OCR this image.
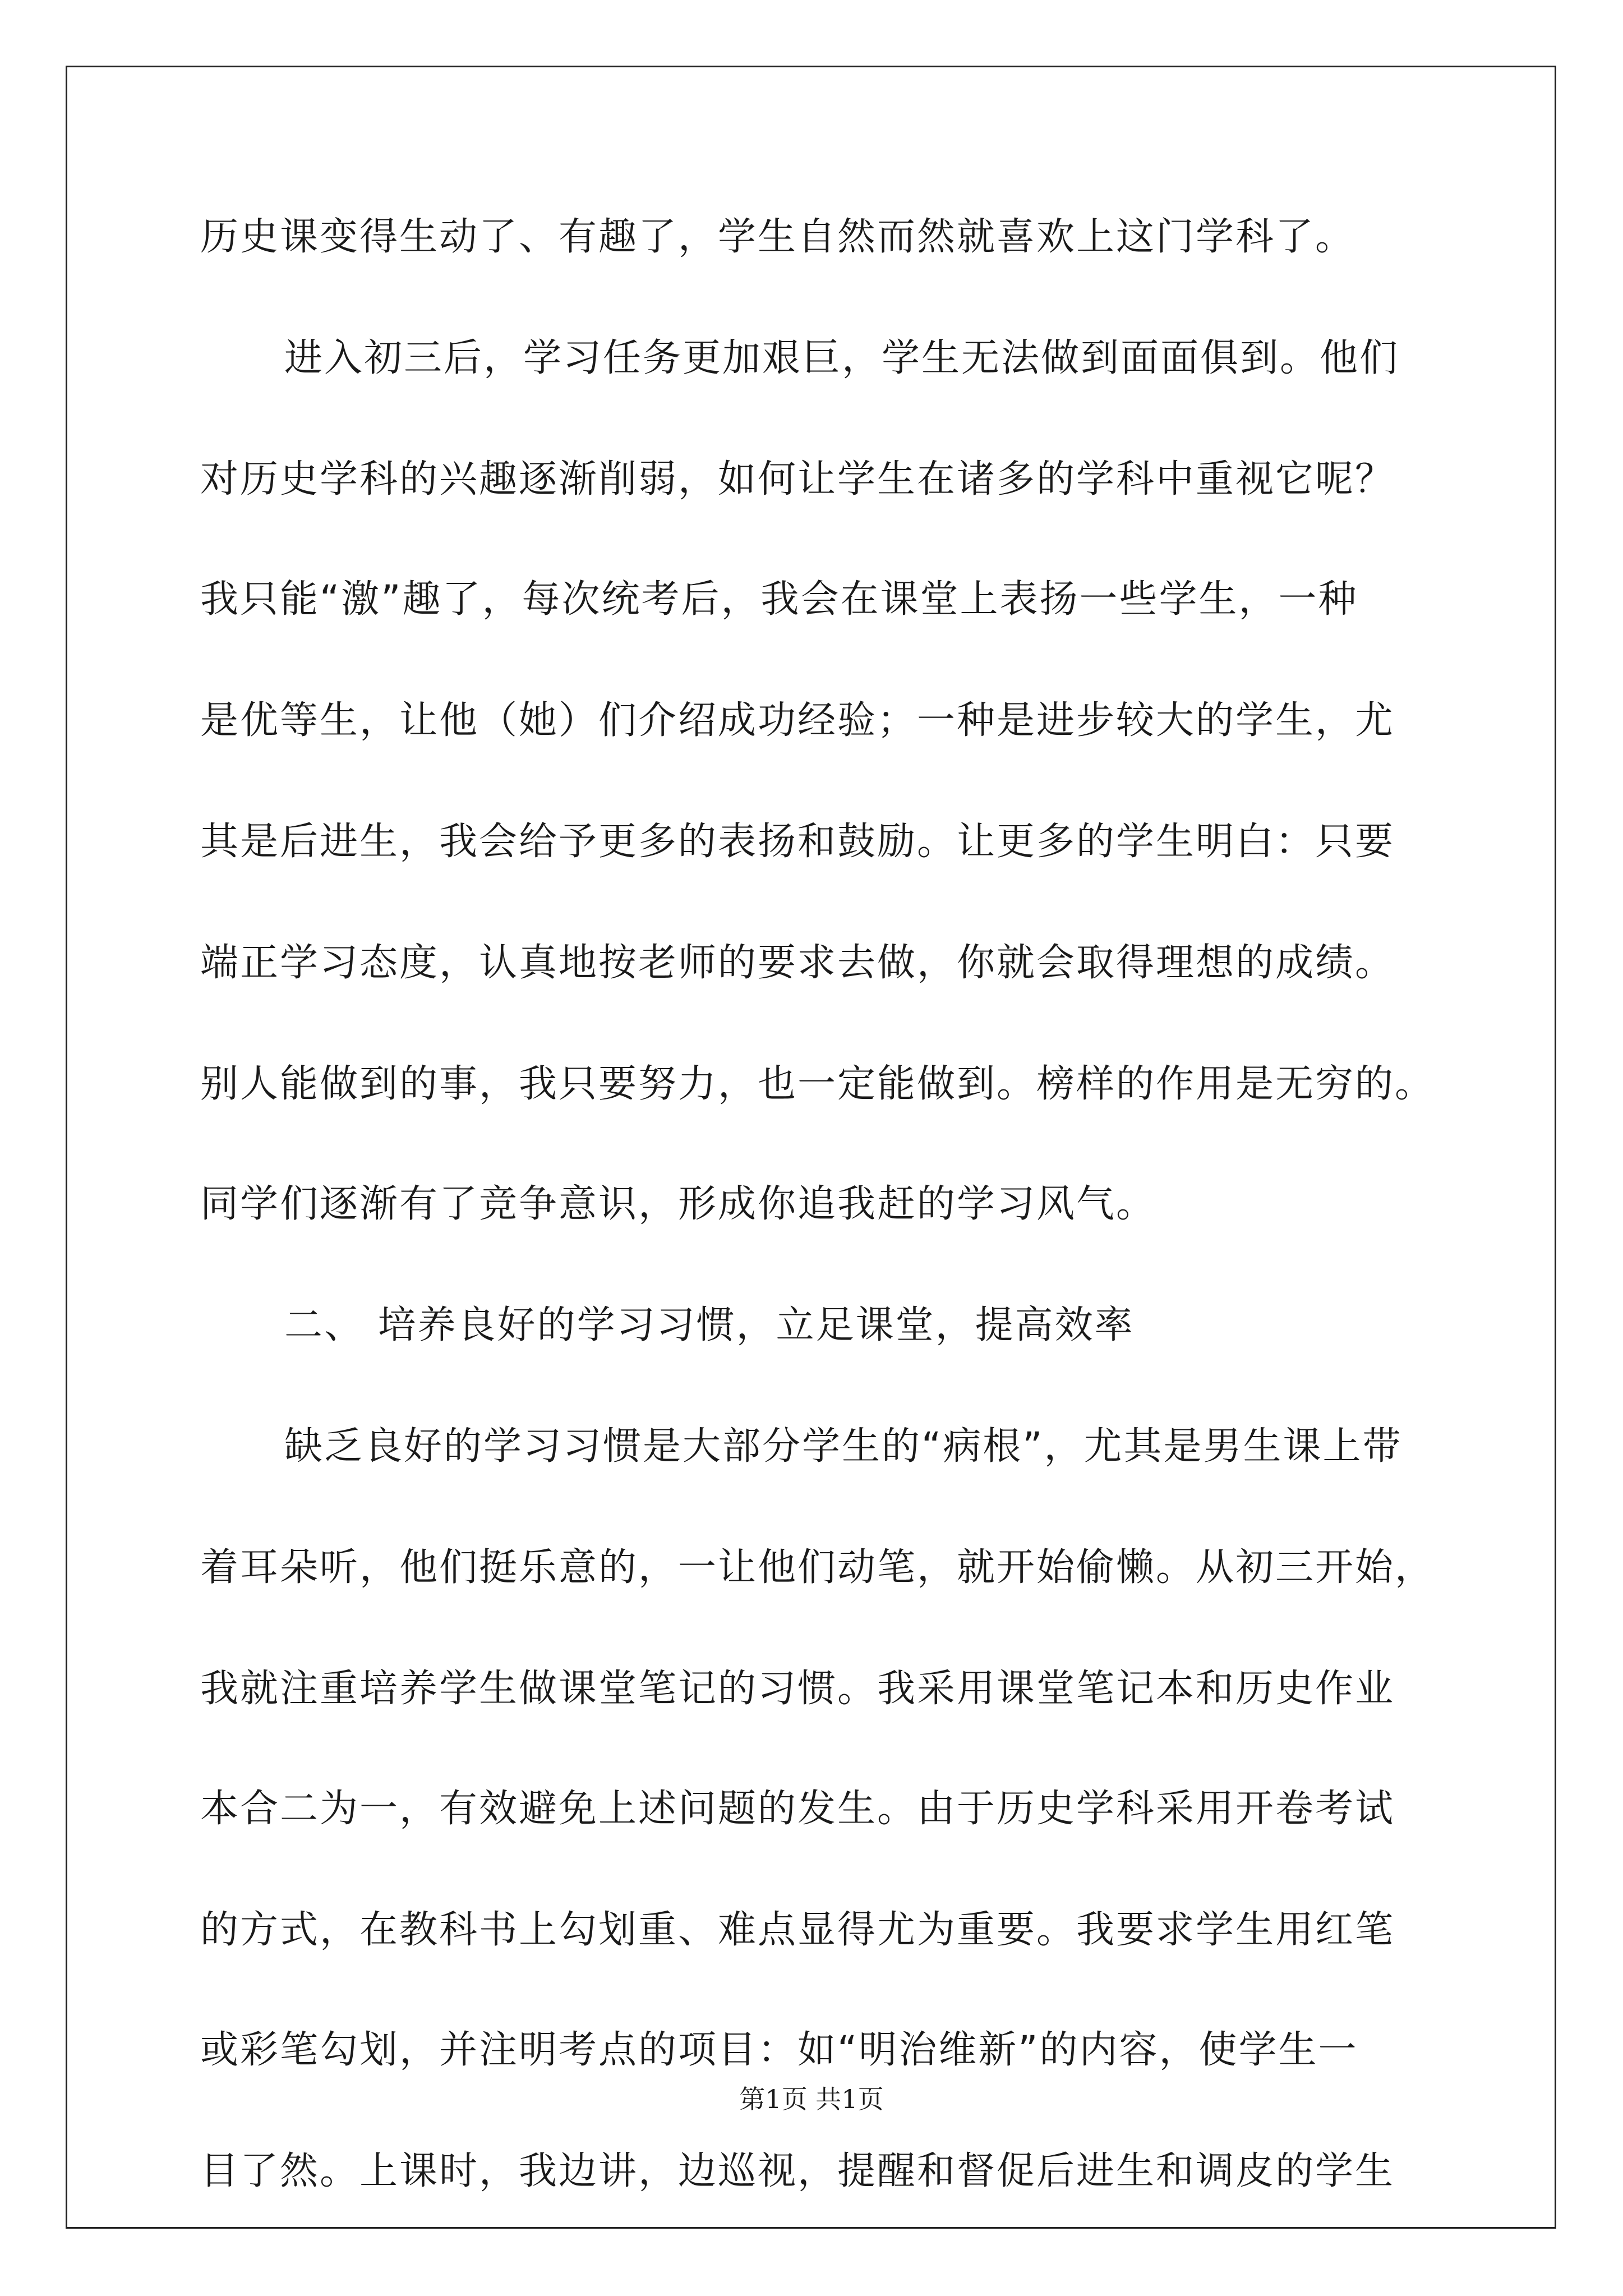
历史课变得生动了、有趣了，学生自然而然就喜欢上这门学科了。
进入初三后，学习任务更加艰巨，学生无法做到面面俱到。他们
对历史学科的兴趣逐渐削弱，如何让学生在诸多的学科中重视它呢？
我只能“激”趣了，每次统考后，我会在课堂上表扬一些学生，一种
是优等生，让他（她）们介绍成功经验；一种是进步较大的学生，尤
其是后进生，我会给予更多的表扬和鼓励。让更多的学生明白：只要
端正学习态度，认真地按老师的要求去做，你就会取得理想的成绩。
别人能做到的事，我只要努力，也一定能做到。榜样的作用是无穷的。
同学们逐渐有了竞争意识，形成你追我赶的学习风气。
二、 培养良好的学习习惯，立足课堂，提高效率
缺乏良好的学习习惯是大部分学生的“病根”，尤其是男生课上带
着耳朵听，他们挺乐意的，一让他们动笔，就开始偷懒。从初三开始，
我就注重培养学生做课堂笔记的习惯。我采用课堂笔记本和历史作业
本合二为一，有效避免上述问题的发生。由于历史学科采用开卷考试
的方式，在教科书上勾划重、难点显得尤为重要。我要求学生用红笔
或彩笔勾划，并注明考点的项目：如“明治维新”的内容，使学生一
目了然。上课时，我边讲，边巡视，提醒和督促后进生和调皮的学生
第1页 共1页
